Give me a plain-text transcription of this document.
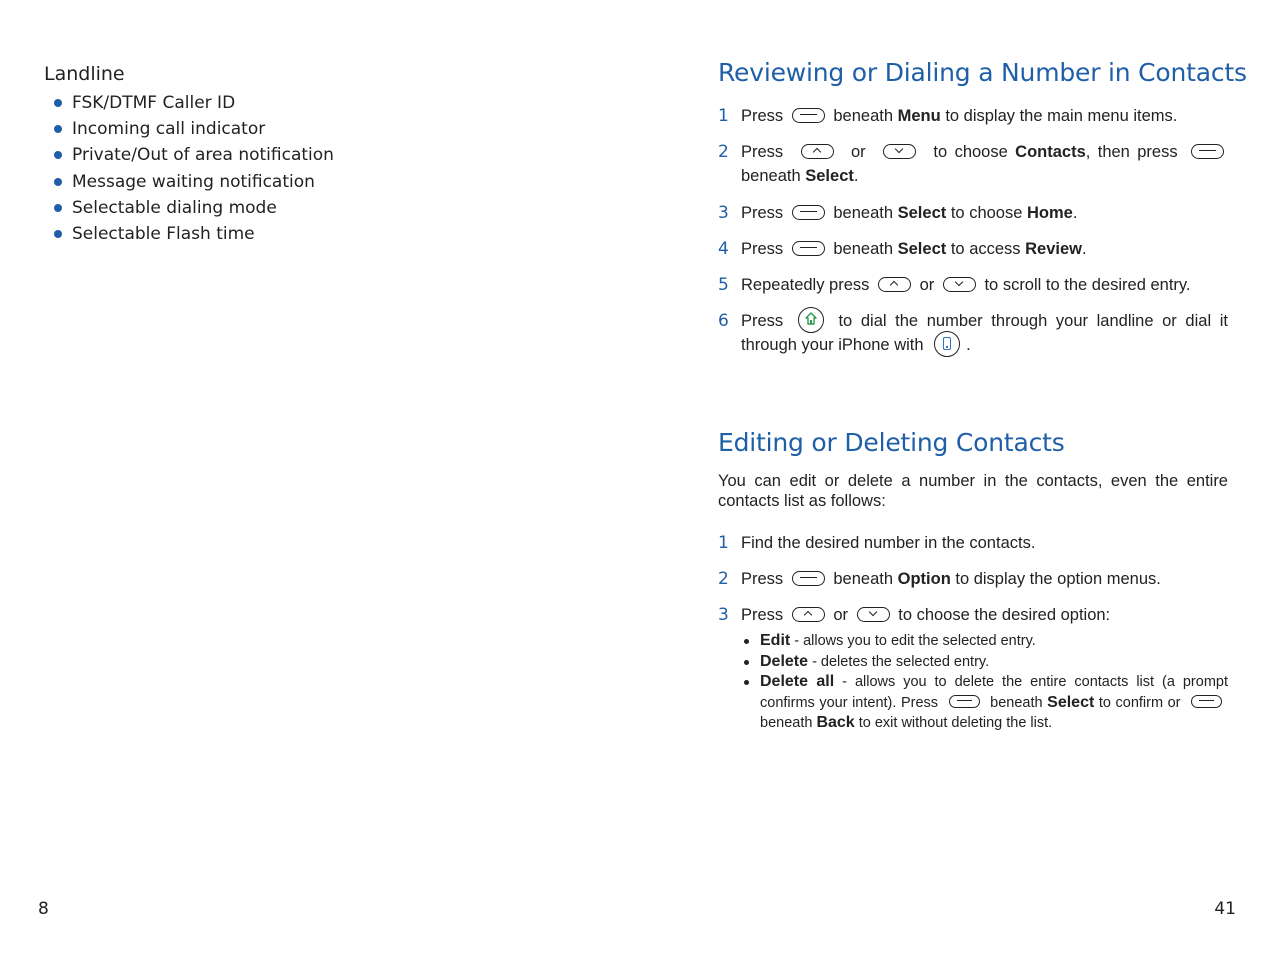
Landline
FSK/DTMF Caller ID
Incoming call indicator
Private/Out of area notification
Message waiting notification
Selectable dialing mode
Selectable Flash time
8
Reviewing or Dialing a Number in Contacts
1 Press	beneath Menu to display the main menu items.
2 Press	or	to choose Contacts, then press  beneath Select.
3 Press	beneath Select to choose Home.
4 Press	beneath Select to access Review.
5 Repeatedly press	or	to scroll to the desired entry.
6 Press	to dial the number through your landline or dial it through your iPhone with	.
Editing or Deleting Contacts

You can edit or delete a number in the contacts, even the entire contacts list as follows:

1 Find the desired number in the contacts.
2 Press	beneath Option to display the option menus.
3 Press	or	to choose the desired option:
Edit - allows you to edit the selected entry.
Delete - deletes the selected entry.
Delete all - allows you to delete the entire contacts list (a prompt confirms your intent). Press	beneath Select to confirm or  beneath Back to exit without deleting the list.
41
